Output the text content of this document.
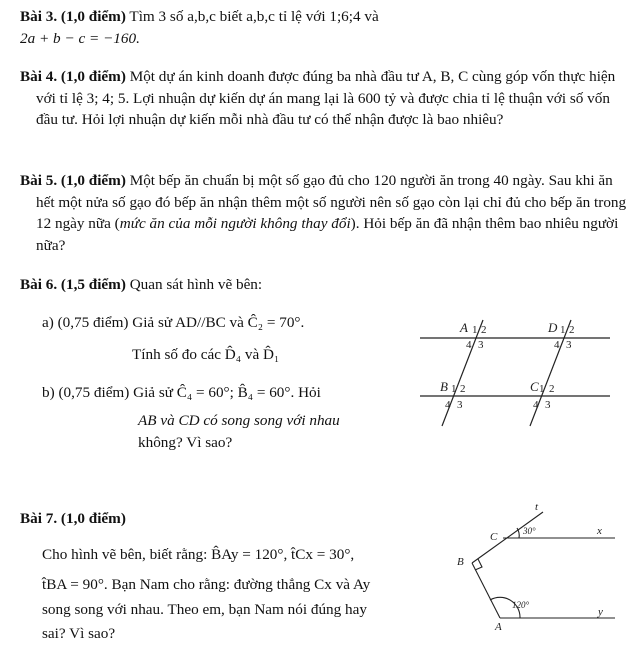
Bài 3. (1,0 điểm) Tìm 3 số a,b,c biết a,b,c tỉ lệ với 1;6;4 và
2a + b − c = −160.
Bài 4. (1,0 điểm) Một dự án kinh doanh được đúng ba nhà đầu tư A, B, C cùng góp vốn thực hiện với tỉ lệ 3; 4; 5. Lợi nhuận dự kiến dự án mang lại là 600 tỷ và được chia tỉ lệ thuận với số vốn đầu tư. Hỏi lợi nhuận dự kiến mỗi nhà đầu tư có thể nhận được là bao nhiêu?
Bài 5. (1,0 điểm) Một bếp ăn chuẩn bị một số gạo đủ cho 120 người ăn trong 40 ngày. Sau khi ăn hết một nửa số gạo đó bếp ăn nhận thêm một số người nên số gạo còn lại chỉ đủ cho bếp ăn trong 12 ngày nữa (mức ăn của mỗi người không thay đổi). Hỏi bếp ăn đã nhận thêm bao nhiêu người nữa?
Bài 6. (1,5 điểm) Quan sát hình vẽ bên:
a) (0,75 điểm) Giả sử AD//BC và Ĉ₂ = 70°.
Tính số đo các D̂₄ và D̂₁
b) (0,75 điểm) Giả sử Ĉ₄ = 60°; B̂₄ = 60°. Hỏi
AB và CD có song song với nhau
không? Vì sao?
A 1 2
4 3
D 1 2
4 3
B 1 2
4 3
C 1 2
4 3
Bài 7. (1,0 điểm)
Cho hình vẽ bên, biết rằng: B̂Ay = 120°, t̂Cx = 30°,
t̂BA = 90°. Bạn Nam cho rằng: đường thẳng Cx và Ay
song song với nhau. Theo em, bạn Nam nói đúng hay
sai? Vì sao?
t
C	30°	x
B
120°
y
A
